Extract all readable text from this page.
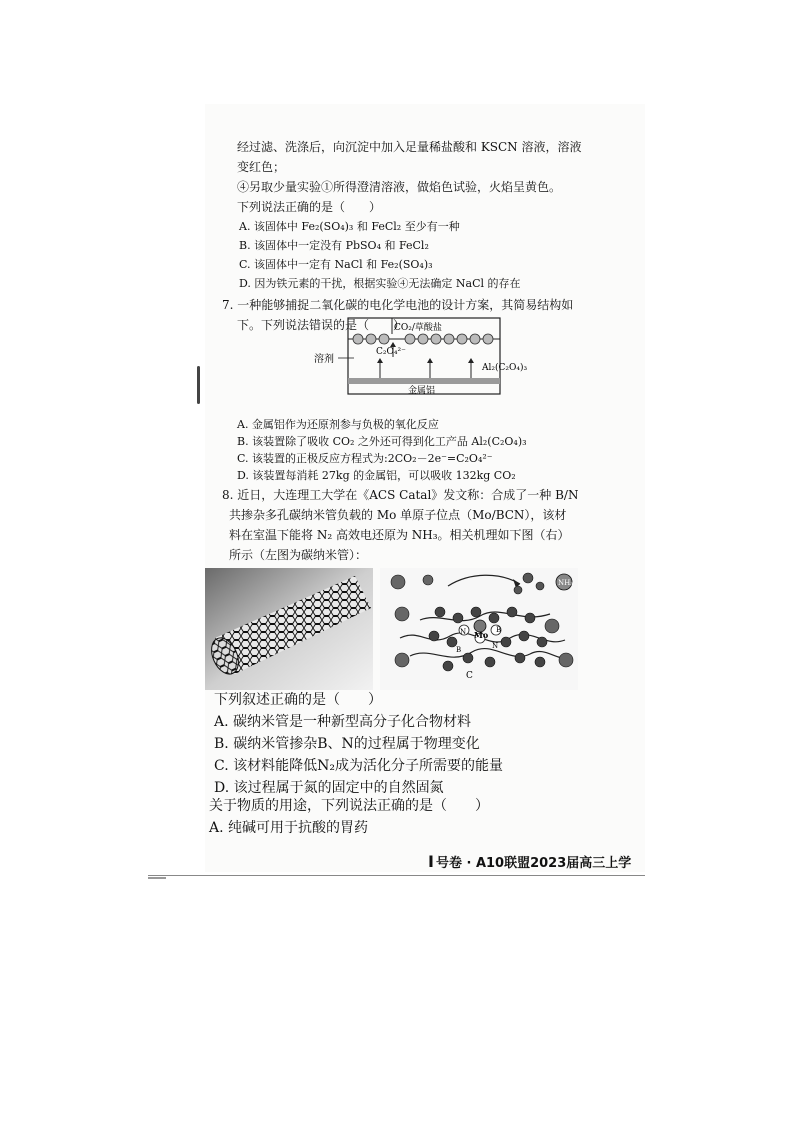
经过滤、洗涤后，向沉淀中加入足量稀盐酸和 KSCN 溶液，溶液
变红色；
④另取少量实验①所得澄清溶液，做焰色试验，火焰呈黄色。
下列说法正确的是（　　）
A. 该固体中 Fe₂(SO₄)₃ 和 FeCl₂ 至少有一种
B. 该固体中一定没有 PbSO₄ 和 FeCl₂
C. 该固体中一定有 NaCl 和 Fe₂(SO₄)₃
D. 因为铁元素的干扰，根据实验④无法确定 NaCl 的存在
7. 一种能够捕捉二氧化碳的电化学电池的设计方案，其简易结构如
下。下列说法错误的是（　　）
CO₂/草酸盐
C₂O₄²⁻
溶剂
Al₂(C₂O₄)₃
金属铝
A. 金属铝作为还原剂参与负极的氧化反应
B. 该装置除了吸收 CO₂ 之外还可得到化工产品 Al₂(C₂O₄)₃
C. 该装置的正极反应方程式为:2CO₂－2e⁻=C₂O₄²⁻
D. 该装置每消耗 27kg 的金属铝，可以吸收 132kg CO₂
8. 近日，大连理工大学在《ACS Catal》发文称：合成了一种 B/N
共掺杂多孔碳纳米管负载的 Mo 单原子位点（Mo/BCN），该材
料在室温下能将 N₂ 高效电还原为 NH₃。相关机理如下图（右）
所示（左图为碳纳米管）：
NH₃
Mo
N
N
B
B
C
下列叙述正确的是（　　）
A. 碳纳米管是一种新型高分子化合物材料
B. 碳纳米管掺杂B、N的过程属于物理变化
C. 该材料能降低N₂成为活化分子所需要的能量
D. 该过程属于氮的固定中的自然固氮
关于物质的用途，下列说法正确的是（　　）
A. 纯碱可用于抗酸的胃药
I 号卷 · A10联盟2023届高三上学
